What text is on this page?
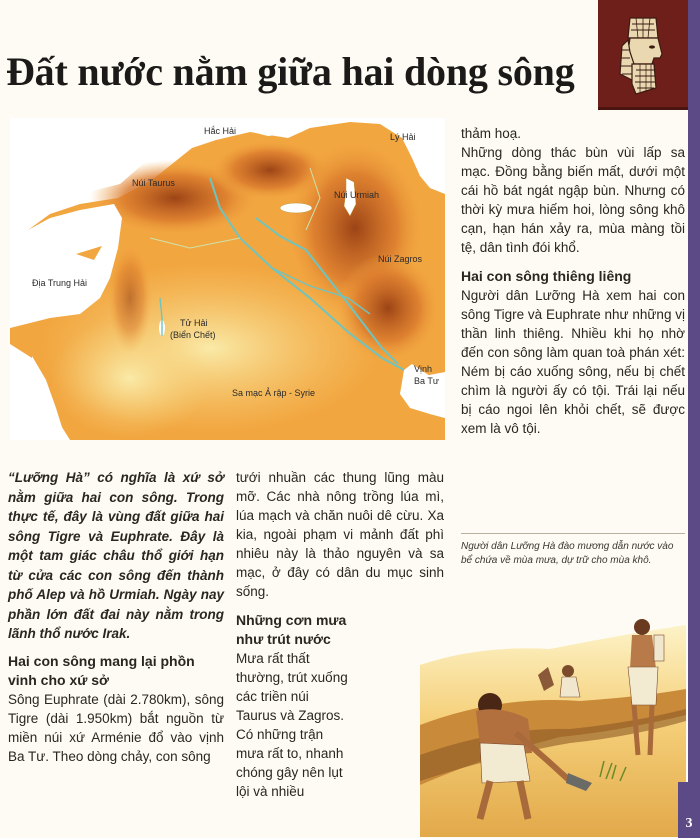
Đất nước nằm giữa hai dòng sông
Hắc Hải
Lý Hải
Núi Taurus
Núi Urmiah
Địa Trung Hải
Núi Zagros
Tử Hải
(Biển Chết)
Sa mạc Ả rập - Syrie
Vịnh
Ba Tư

thảm hoạ.

Những dòng thác bùn vùi lấp sa mạc. Đồng bằng biến mất, dưới một cái hồ bát ngát ngập bùn. Nhưng có thời kỳ mưa hiếm hoi, lòng sông khô cạn, hạn hán xảy ra, mùa màng tồi tệ, dân tình đói khổ.

Hai con sông thiêng liêng

Người dân Lưỡng Hà xem hai con sông Tigre và Euphrate như những vị thần linh thiêng. Nhiều khi họ nhờ đến con sông làm quan toà phán xét: Ném bị cáo xuống sông, nếu bị chết chìm là người ấy có tội. Trái lại nếu bị cáo ngoi lên khỏi chết, sẽ được xem là vô tội.

“Lưỡng Hà” có nghĩa là xứ sở nằm giữa hai con sông. Trong thực tế, đây là vùng đất giữa hai sông Tigre và Euphrate. Đây là một tam giác châu thổ giới hạn từ cửa các con sông đến thành phố Alep và hồ Urmiah. Ngày nay phần lớn đất đai này nằm trong lãnh thổ nước Irak.

Hai con sông mang lại phồn vinh cho xứ sở

Sông Euphrate (dài 2.780km), sông Tigre (dài 1.950km) bắt nguồn từ miền núi xứ Arménie đổ vào vịnh Ba Tư. Theo dòng chảy, con sông

tưới nhuần các thung lũng màu mỡ. Các nhà nông trồng lúa mì, lúa mạch và chăn nuôi dê cừu. Xa kia, ngoài phạm vi mảnh đất phì nhiêu này là thảo nguyên và sa mạc, ở đây có dân du mục sinh sống.

Những cơn mưa như trút nước

Mưa rất thất thường, trút xuống các triền núi Taurus và Zagros. Có những trận mưa rất to, nhanh chóng gây nên lụt lội và nhiều

Người dân Lưỡng Hà đào mương dẫn nước vào bể chứa về mùa mưa, dự trữ cho mùa khô.

3
